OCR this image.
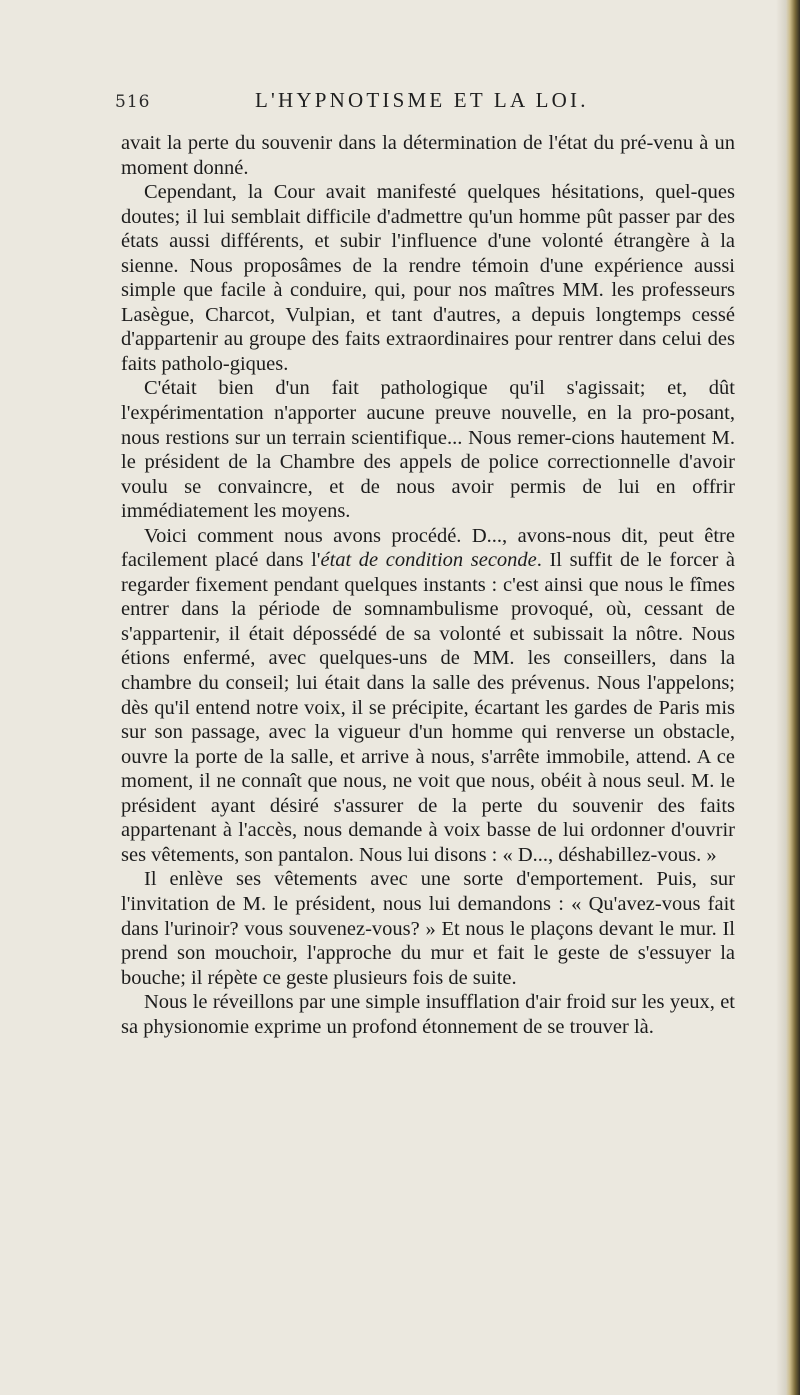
516	L'HYPNOTISME ET LA LOI.

avait la perte du souvenir dans la détermination de l'état du pré-venu à un moment donné.

Cependant, la Cour avait manifesté quelques hésitations, quel-ques doutes; il lui semblait difficile d'admettre qu'un homme pût passer par des états aussi différents, et subir l'influence d'une volonté étrangère à la sienne. Nous proposâmes de la rendre témoin d'une expérience aussi simple que facile à conduire, qui, pour nos maîtres MM. les professeurs Lasègue, Charcot, Vulpian, et tant d'autres, a depuis longtemps cessé d'appartenir au groupe des faits extraordinaires pour rentrer dans celui des faits patholo-giques.

C'était bien d'un fait pathologique qu'il s'agissait; et, dût l'expérimentation n'apporter aucune preuve nouvelle, en la pro-posant, nous restions sur un terrain scientifique... Nous remer-cions hautement M. le président de la Chambre des appels de police correctionnelle d'avoir voulu se convaincre, et de nous avoir permis de lui en offrir immédiatement les moyens.

Voici comment nous avons procédé. D..., avons-nous dit, peut être facilement placé dans l'état de condition seconde. Il suffit de le forcer à regarder fixement pendant quelques instants : c'est ainsi que nous le fîmes entrer dans la période de somnambulisme provoqué, où, cessant de s'appartenir, il était dépossédé de sa volonté et subissait la nôtre. Nous étions enfermé, avec quelques-uns de MM. les conseillers, dans la chambre du conseil; lui était dans la salle des prévenus. Nous l'appelons; dès qu'il entend notre voix, il se précipite, écartant les gardes de Paris mis sur son passage, avec la vigueur d'un homme qui renverse un obstacle, ouvre la porte de la salle, et arrive à nous, s'arrête immobile, attend. A ce moment, il ne connaît que nous, ne voit que nous, obéit à nous seul. M. le président ayant désiré s'assurer de la perte du souvenir des faits appartenant à l'accès, nous demande à voix basse de lui ordonner d'ouvrir ses vêtements, son pantalon. Nous lui disons : « D..., déshabillez-vous. »

Il enlève ses vêtements avec une sorte d'emportement. Puis, sur l'invitation de M. le président, nous lui demandons : « Qu'avez-vous fait dans l'urinoir? vous souvenez-vous? » Et nous le plaçons devant le mur. Il prend son mouchoir, l'approche du mur et fait le geste de s'essuyer la bouche; il répète ce geste plusieurs fois de suite.

Nous le réveillons par une simple insufflation d'air froid sur les yeux, et sa physionomie exprime un profond étonnement de se trouver là.
